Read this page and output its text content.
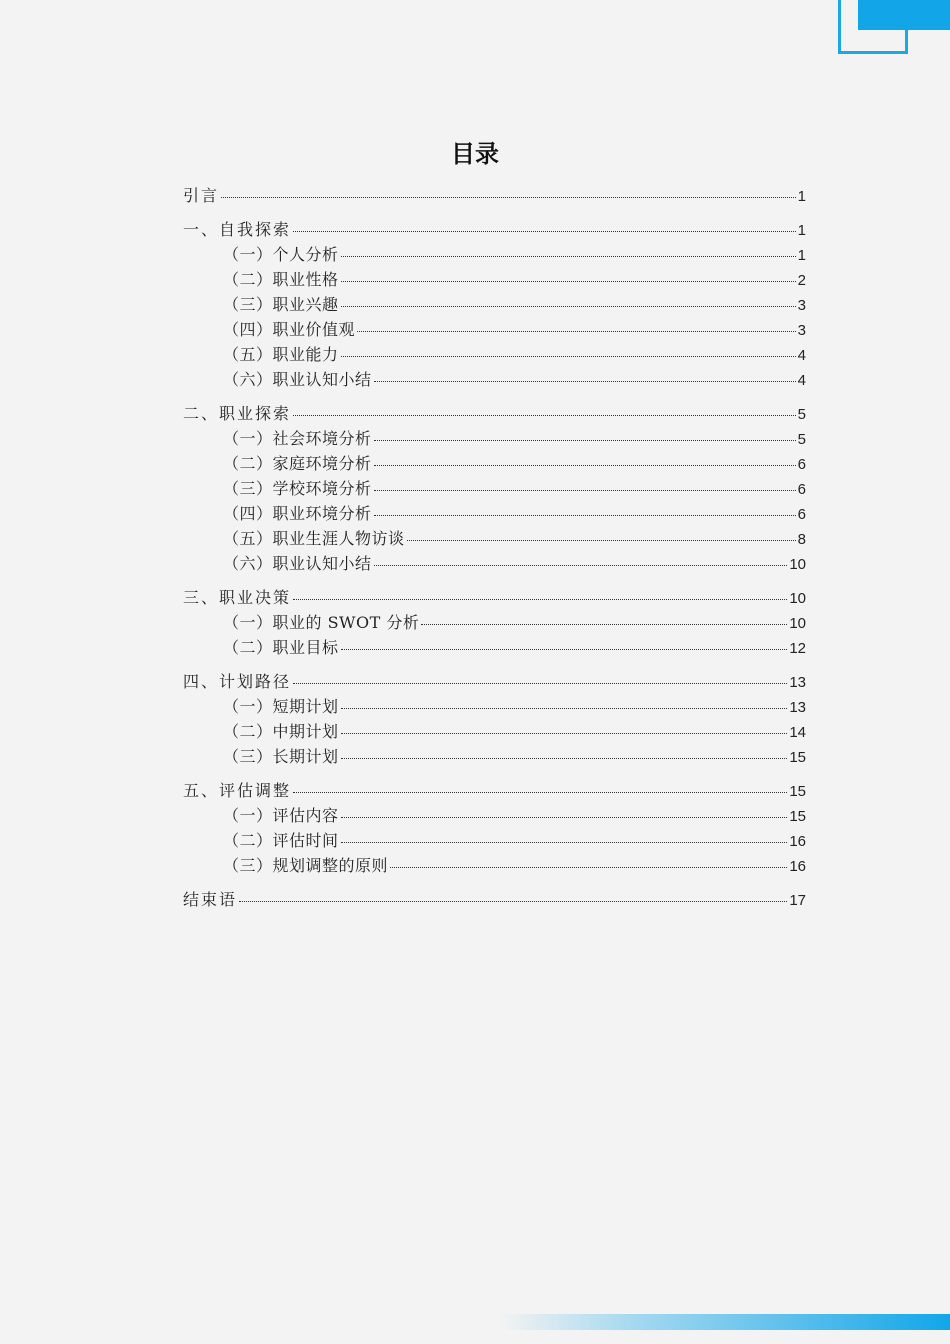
目录
引言	1
一、自我探索	1
（一）个人分析	1
（二）职业性格	2
（三）职业兴趣	3
（四）职业价值观	3
（五）职业能力	4
（六）职业认知小结	4
二、职业探索	5
（一）社会环境分析	5
（二）家庭环境分析	6
（三）学校环境分析	6
（四）职业环境分析	6
（五）职业生涯人物访谈	8
（六）职业认知小结	10
三、职业决策	10
（一）职业的 SWOT 分析	10
（二）职业目标	12
四、计划路径	13
（一）短期计划	13
（二）中期计划	14
（三）长期计划	15
五、评估调整	15
（一）评估内容	15
（二）评估时间	16
（三）规划调整的原则	16
结束语	17
